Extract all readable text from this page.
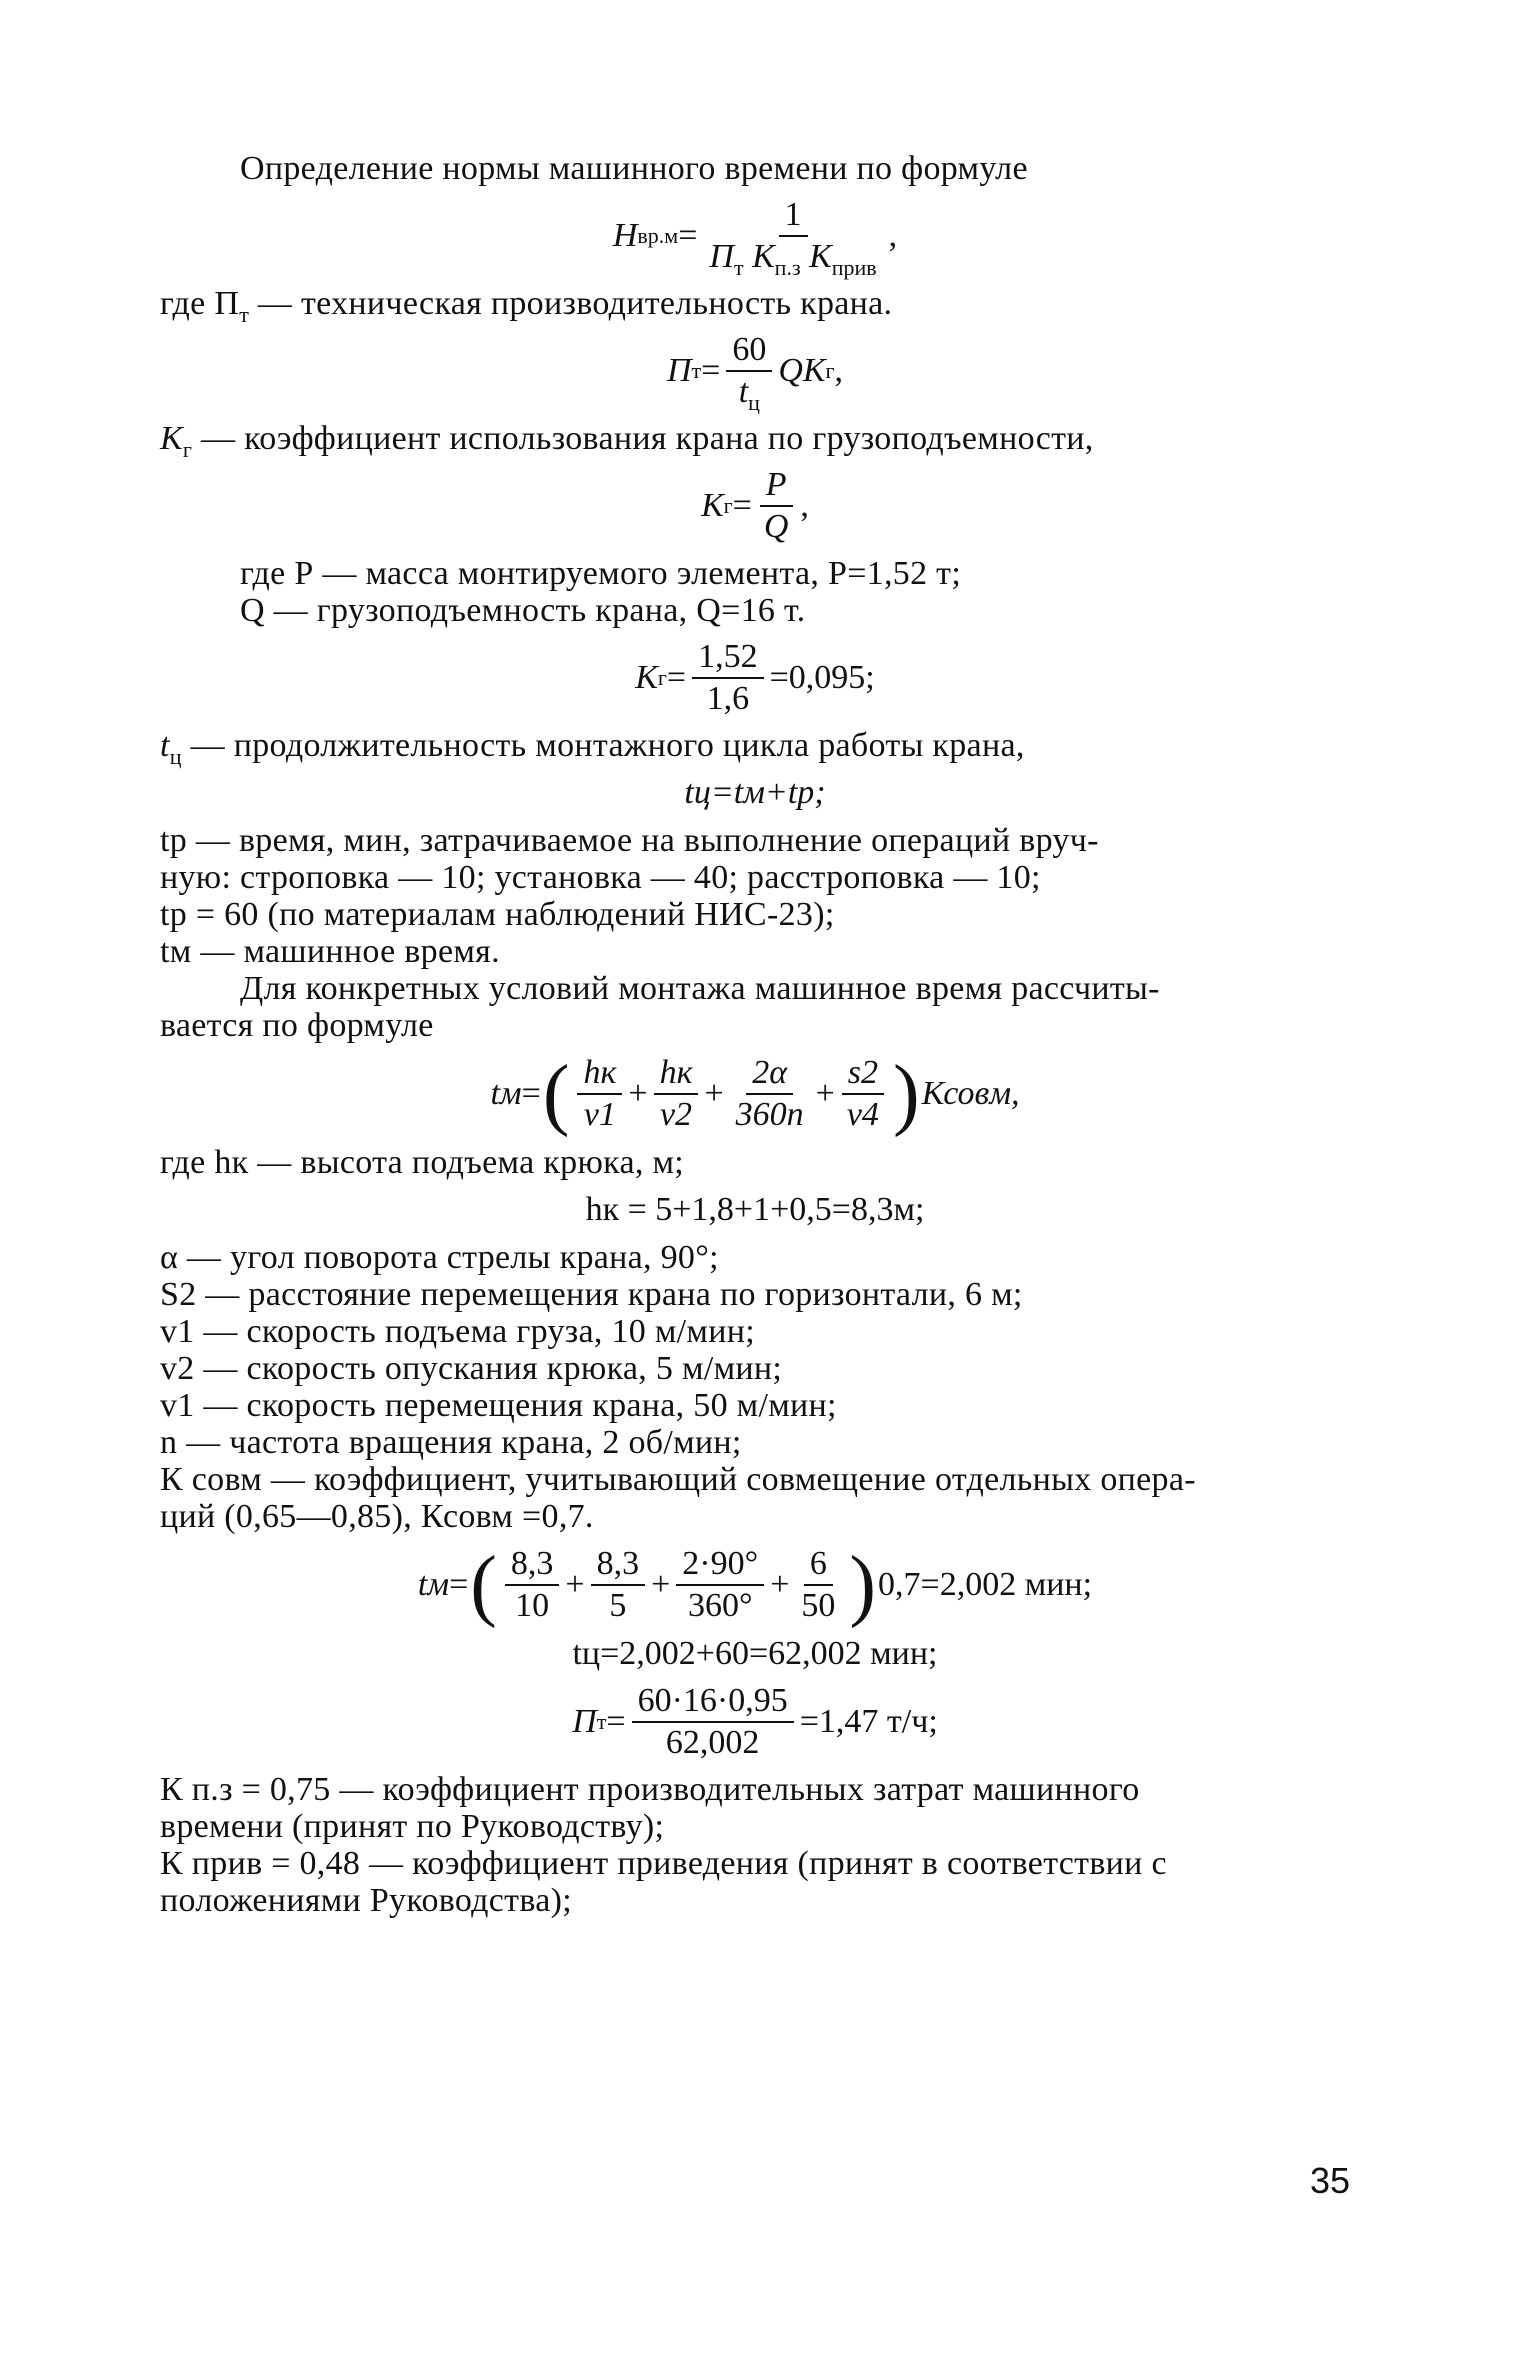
Определение нормы машинного времени по формуле

Н $вр.м = \frac{1}{П_т К_{п.з} К_{прив}}$ ,

где $П_т$ — техническая производительность крана.

П $т = \frac{60}{t_ц}$ QК г ,

$К_г$ — коэффициент использования крана по грузоподъемности,

К $г = \frac{P}{Q}$ ,

где Р — масса монтируемого элемента, Р=1,52 т;

Q — грузоподъемность крана, Q=16 т.

К $г = \frac{1,52}{1,6} =0,095$;

$t_ц$ — продолжительность монтажного цикла работы крана,

tц=tм+tр;

tр — время, мин, затрачиваемое на выполнение операций вруч-

ную: строповка — 10; установка — 40; расстроповка — 10;

tр = 60 (по материалам наблюдений НИС-23);

tм — машинное время.

Для конкретных условий монтажа машинное время рассчиты-

вается по формуле

tм = ( $\frac{hк}{v1} + \frac{hк}{v2} + \frac{2\alpha}{360n} + \frac{s2}{v4}$ ) Ксовм,

где hк — высота подъема крюка, м;

hк = 5+1,8+1+0,5=8,3м;

α — угол поворота стрелы крана, 90°;

S2 — расстояние перемещения крана по горизонтали, 6 м;

v1 — скорость подъема груза, 10 м/мин;

v2 — скорость опускания крюка, 5 м/мин;

v1 — скорость перемещения крана, 50 м/мин;

n — частота вращения крана, 2 об/мин;

К совм — коэффициент, учитывающий совмещение отдельных опера-

ций (0,65—0,85), Ксовм =0,7.

tм = ( $\frac{8,3}{10} + \frac{8,3}{5} + \frac{2\cdot 90^\circ}{360^\circ} + \frac{6}{50}$ ) 0,7=2,002 мин;
tц=2,002+60=62,002 мин;
П $т = \frac{60\cdot 16\cdot 0,95}{62,002} =1,47$ т/ч;

К п.з = 0,75 — коэффициент производительных затрат машинного

времени (принят по Руководству);

К прив = 0,48 — коэффициент приведения (принят в соответствии с

положениями Руководства);

35
